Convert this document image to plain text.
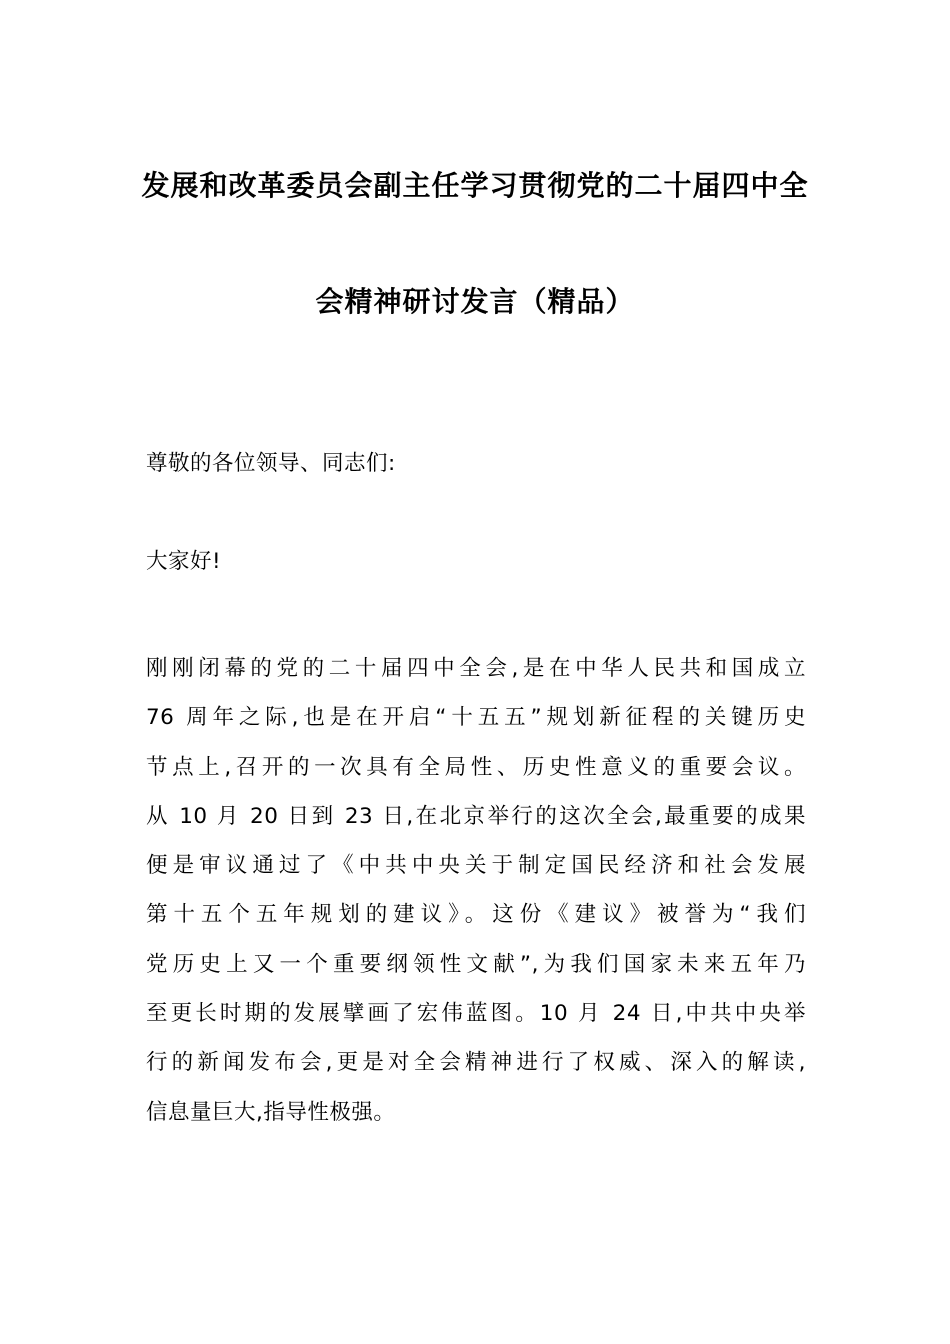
发展和改革委员会副主任学习贯彻党的二十届四中全
会精神研讨发言（精品）
尊敬的各位领导、同志们:
大家好!
刚刚闭幕的党的二十届四中全会,是在中华人民共和国成立
76 周年之际,也是在开启“十五五”规划新征程的关键历史
节点上,召开的一次具有全局性、历史性意义的重要会议。
从 10 月 20 日到 23 日,在北京举行的这次全会,最重要的成果
便是审议通过了《中共中央关于制定国民经济和社会发展
第十五个五年规划的建议》。这份《建议》被誉为“我们
党历史上又一个重要纲领性文献”,为我们国家未来五年乃
至更长时期的发展擘画了宏伟蓝图。10 月 24 日,中共中央举
行的新闻发布会,更是对全会精神进行了权威、深入的解读,
信息量巨大,指导性极强。
